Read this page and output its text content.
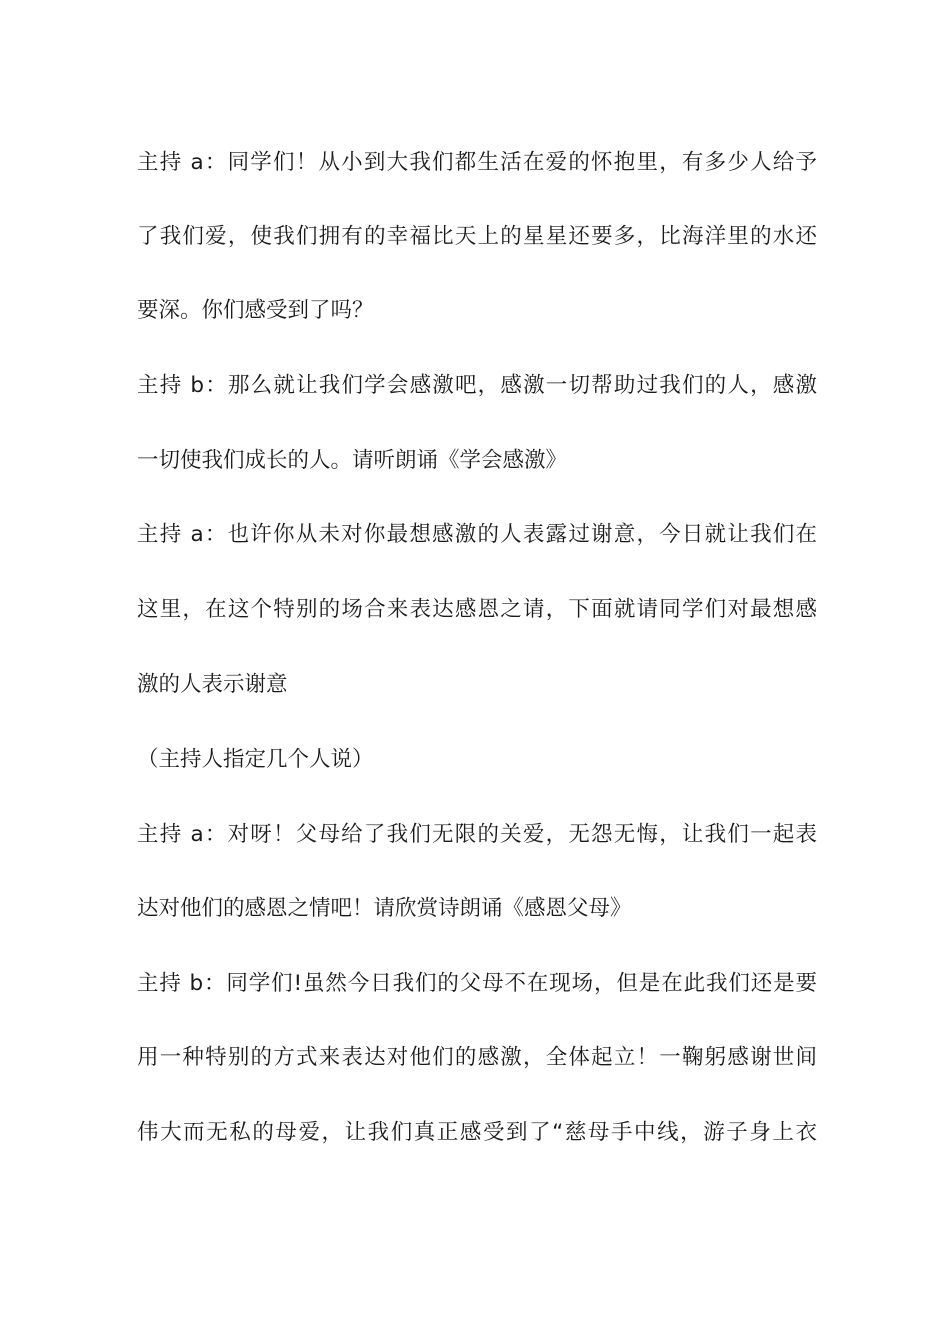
主持 a：同学们！从小到大我们都生活在爱的怀抱里，有多少人给予
了我们爱，使我们拥有的幸福比天上的星星还要多，比海洋里的水还
要深。你们感受到了吗？
主持 b：那么就让我们学会感激吧，感激一切帮助过我们的人，感激
一切使我们成长的人。请听朗诵《学会感激》
主持 a：也许你从未对你最想感激的人表露过谢意，今日就让我们在
这里，在这个特别的场合来表达感恩之请，下面就请同学们对最想感
激的人表示谢意
（主持人指定几个人说）
主持 a：对呀！父母给了我们无限的关爱，无怨无悔，让我们一起表
达对他们的感恩之情吧！请欣赏诗朗诵《感恩父母》
主持 b：同学们!虽然今日我们的父母不在现场，但是在此我们还是要
用一种特别的方式来表达对他们的感激，全体起立！一鞠躬感谢世间
伟大而无私的母爱，让我们真正感受到了“慈母手中线，游子身上衣
